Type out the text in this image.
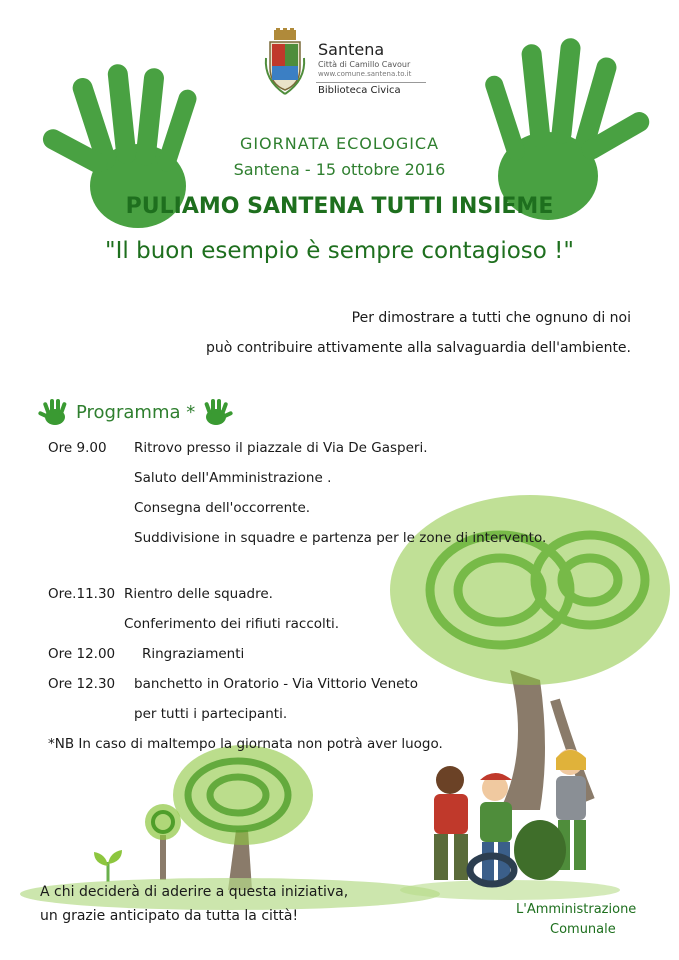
Santena
Città di Camillo Cavour
www.comune.santena.to.it
Biblioteca Civica
GIORNATA ECOLOGICA
Santena - 15 ottobre 2016
PULIAMO SANTENA TUTTI INSIEME
"Il buon esempio è sempre contagioso !"
Per dimostrare a tutti che ognuno di noi
può contribuire attivamente alla salvaguardia dell'ambiente.
Programma *
Ore 9.00 Ritrovo presso il piazzale di Via De Gasperi.
Saluto dell'Amministrazione .
Consegna dell'occorrente.
Suddivisione in squadre e partenza per le zone di intervento.
Ore.11.30 Rientro delle squadre.
Conferimento dei rifiuti raccolti.
Ore 12.00 Ringraziamenti
Ore 12.30 banchetto in Oratorio - Via Vittorio Veneto
per tutti i partecipanti.
*NB In caso di maltempo la giornata non potrà aver luogo.
A chi deciderà di aderire a questa iniziativa,
un grazie anticipato da tutta la città!	L'Amministrazione
Comunale
